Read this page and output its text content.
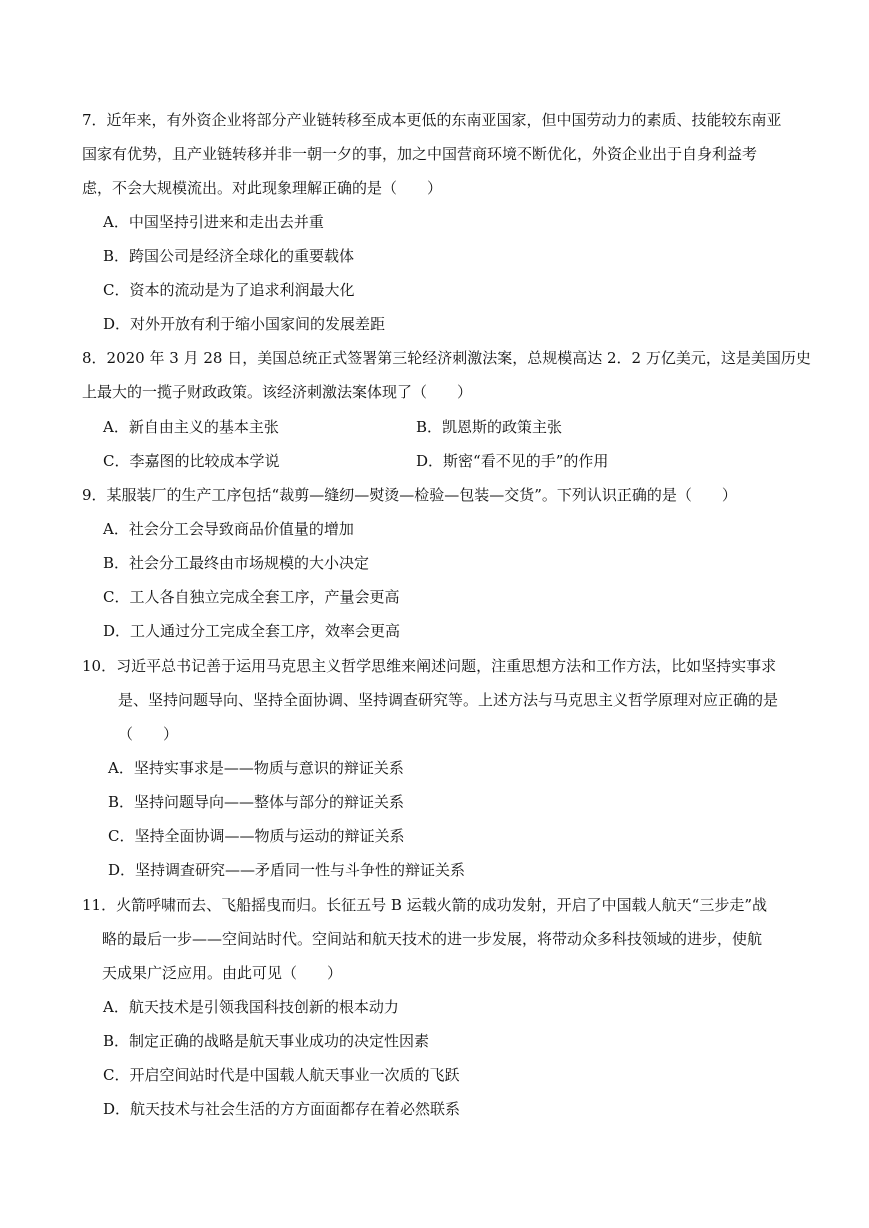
7．近年来，有外资企业将部分产业链转移至成本更低的东南亚国家，但中国劳动力的素质、技能较东南亚
国家有优势，且产业链转移并非一朝一夕的事，加之中国营商环境不断优化，外资企业出于自身利益考
虑，不会大规模流出。对此现象理解正确的是（　　）
A．中国坚持引进来和走出去并重
B．跨国公司是经济全球化的重要载体
C．资本的流动是为了追求利润最大化
D．对外开放有利于缩小国家间的发展差距
8．2020 年 3 月 28 日，美国总统正式签署第三轮经济刺激法案，总规模高达 2．2 万亿美元，这是美国历史
上最大的一揽子财政政策。该经济刺激法案体现了（　　）
A．新自由主义的基本主张	B．凯恩斯的政策主张
C．李嘉图的比较成本学说	D．斯密“看不见的手”的作用
9．某服装厂的生产工序包括“裁剪—缝纫—熨烫—检验—包装—交货”。下列认识正确的是（　　）
A．社会分工会导致商品价值量的增加
B．社会分工最终由市场规模的大小决定
C．工人各自独立完成全套工序，产量会更高
D．工人通过分工完成全套工序，效率会更高
10．习近平总书记善于运用马克思主义哲学思维来阐述问题，注重思想方法和工作方法，比如坚持实事求
是、坚持问题导向、坚持全面协调、坚持调查研究等。上述方法与马克思主义哲学原理对应正确的是
（　　）
A．坚持实事求是——物质与意识的辩证关系
B．坚持问题导向——整体与部分的辩证关系
C．坚持全面协调——物质与运动的辩证关系
D．坚持调查研究——矛盾同一性与斗争性的辩证关系
11．火箭呼啸而去、飞船摇曳而归。长征五号 B 运载火箭的成功发射，开启了中国载人航天“三步走”战
略的最后一步——空间站时代。空间站和航天技术的进一步发展，将带动众多科技领域的进步，使航
天成果广泛应用。由此可见（　　）
A．航天技术是引领我国科技创新的根本动力
B．制定正确的战略是航天事业成功的决定性因素
C．开启空间站时代是中国载人航天事业一次质的飞跃
D．航天技术与社会生活的方方面面都存在着必然联系
